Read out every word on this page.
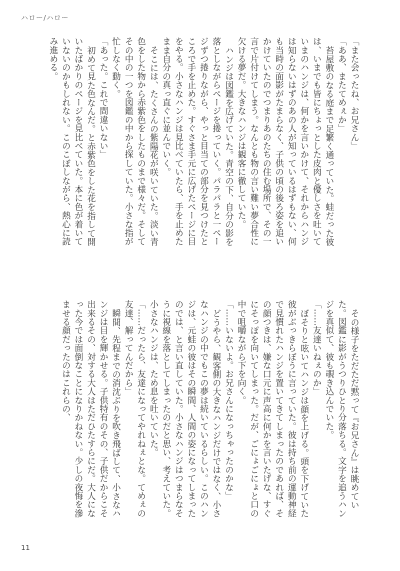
ハロー/ハロー
「また会ったね、お兄さん」
「ああ、またてめぇか」
苔屋敷のなる庭まで足繁く通っていた。蛙だった彼は、いまでも皆にちょっとした皮肉と優しさを吐いていまのハンジは、何かを言いかけて、それからハンジは知らないはずのあの人が知っているはずもない、何も当時の面影がたまらなく、子供の頃の後ろ姿を追いかけていたのでつまりあのたちの住む場所で、その一言で片付けてしまう。なんとも物の言い難い夢合性に欠ける夢だ。大きなハンジは観客に徹していた。
ハンジは図鑑を広げていた。青空の下、自分の影を落としながらページを捲っていく。パラパラと一ページずつ捲りながら、やっと目当ての部分を見つけたところで手を止めた。すぐさま手元に広げたページに目をやる。小さなハンジは見比べていたら、手を止めたまま自分の真っ直ぐに並んでいく。
そこには、たくさんの紫陽花が咲いていた。淡い青色をした物から赤紫色をしたものまで様々だ。そしてその中の一つを図鑑の中から探していた。小さな指が忙しなく動く。
「あった。これで間違いない」
初めて見た色なんだ。と赤紫色をした花を指して開いたばかりのページを見比べていた。本に色が着いていないのかもしれない。このこぼしながら、熱心に読み進める。
その様子をただただ黙って『お兄さん』は眺めていた。図鑑に影がうつりひとり分落ちる。文字を追うハンジを真似て、彼も覗き込んでいた。
「……友達いねぇのか」
ぼそりと呟いてハンジは顔を上げる。頭を下げていた彼がぶっきらぼうに言っていた。彼は持ち前の運動神経で見慣れたハンジを置いてきてしまったのであれば、その顔つきは、嫌な口元に声高に何かを言いたげな、すぐにそっぽを向いてしまった。だが、ごにょごにょと口の中で咀嚼ながら下を向く。
「……いないよ。お兄さんになっちゃったのかな」
どうやら、観客側の大きなハンジだけではなく、小さなハンジの中でもこの夢は続いているらしい。このハンジは、元蛙の彼はその瞬間、人間の姿になってしまったのでは、と言い直していた。小さなハンジはつまらなそうに視線を落としてしまったのだと思い、考えていた。小さなハンジは、ため息を吐いていた。
「……だったら、友達になってやれねぇとな。てめぇの友達、解ってんだから」
瞬間、先程までの消沈ぶりを吹き飛ばして、小さなハンジは目を輝かせる。子供特有のその、子供だからこそ出来るその、対する大人はただひたすらにだ。大人になった今では面倒なことになりかねない。少しの夜悔を滲ませる顔だったのはこれらの、
11
